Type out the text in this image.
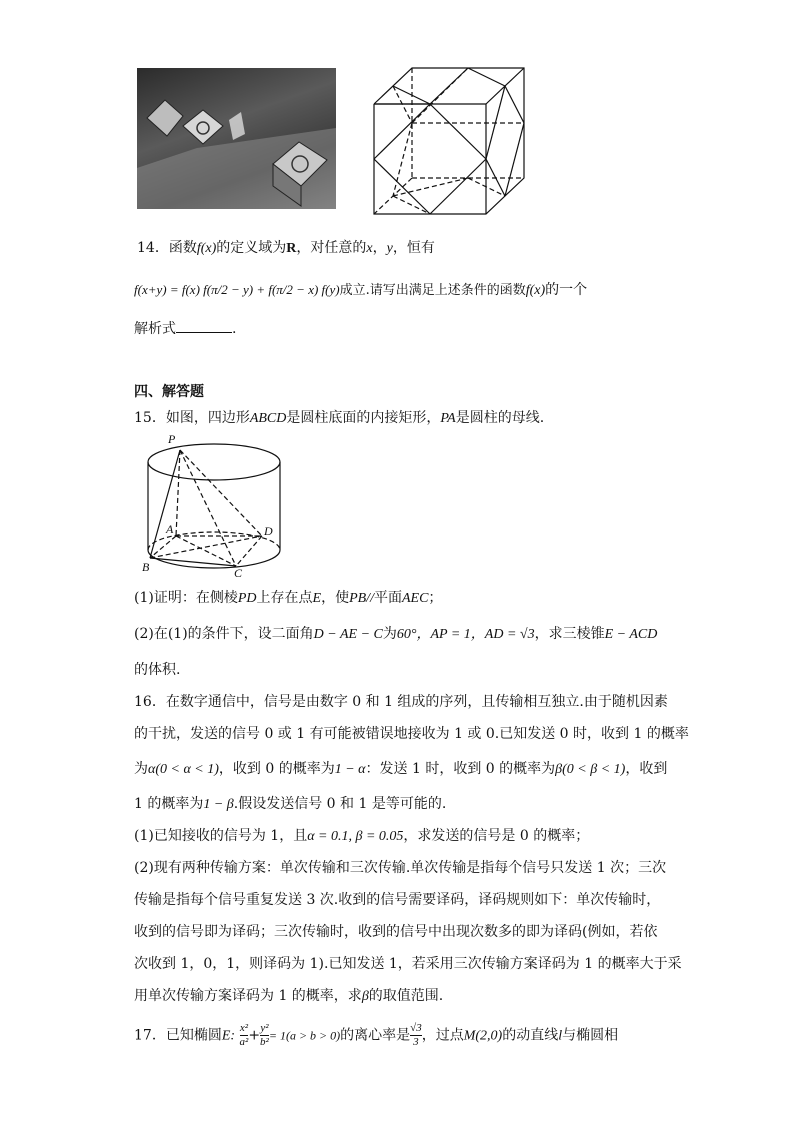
14．函数f(x)的定义域为R，对任意的x，y，恒有
f(x+y) = f(x) f(π/2 − y) + f(π/2 − x) f(y)成立.请写出满足上述条件的函数f(x)的一个
解析式	.
四、解答题
15．如图，四边形ABCD是圆柱底面的内接矩形，PA是圆柱的母线.
P
A	D
B	C
(1)证明：在侧棱PD上存在点E，使PB//平面AEC；
(2)在(1)的条件下，设二面角D − AE − C为60°，AP = 1，AD = √3，求三棱锥E − ACD
的体积.
16．在数字通信中，信号是由数字 0 和 1 组成的序列，且传输相互独立.由于随机因素
的干扰，发送的信号 0 或 1 有可能被错误地接收为 1 或 0.已知发送 0 时，收到 1 的概率
为α(0 < α < 1)，收到 0 的概率为1 − α：发送 1 时，收到 0 的概率为β(0 < β < 1)，收到
1 的概率为1 − β.假设发送信号 0 和 1 是等可能的.
(1)已知接收的信号为 1，且α = 0.1, β = 0.05，求发送的信号是 0 的概率；
(2)现有两种传输方案：单次传输和三次传输.单次传输是指每个信号只发送 1 次；三次
传输是指每个信号重复发送 3 次.收到的信号需要译码，译码规则如下：单次传输时，
收到的信号即为译码；三次传输时，收到的信号中出现次数多的即为译码(例如，若依
次收到 1，0，1，则译码为 1).已知发送 1，若采用三次传输方案译码为 1 的概率大于采
用单次传输方案译码为 1 的概率，求β的取值范围.
17．已知椭圆E: $\frac{\text{x²}}{\text{a²}} + \frac{\text{y²}}{\text{b²}} = 1(a > b > 0)$的离心率是 $\frac{√3}{3}$ ，过点M(2,0)的动直线l与椭圆相
